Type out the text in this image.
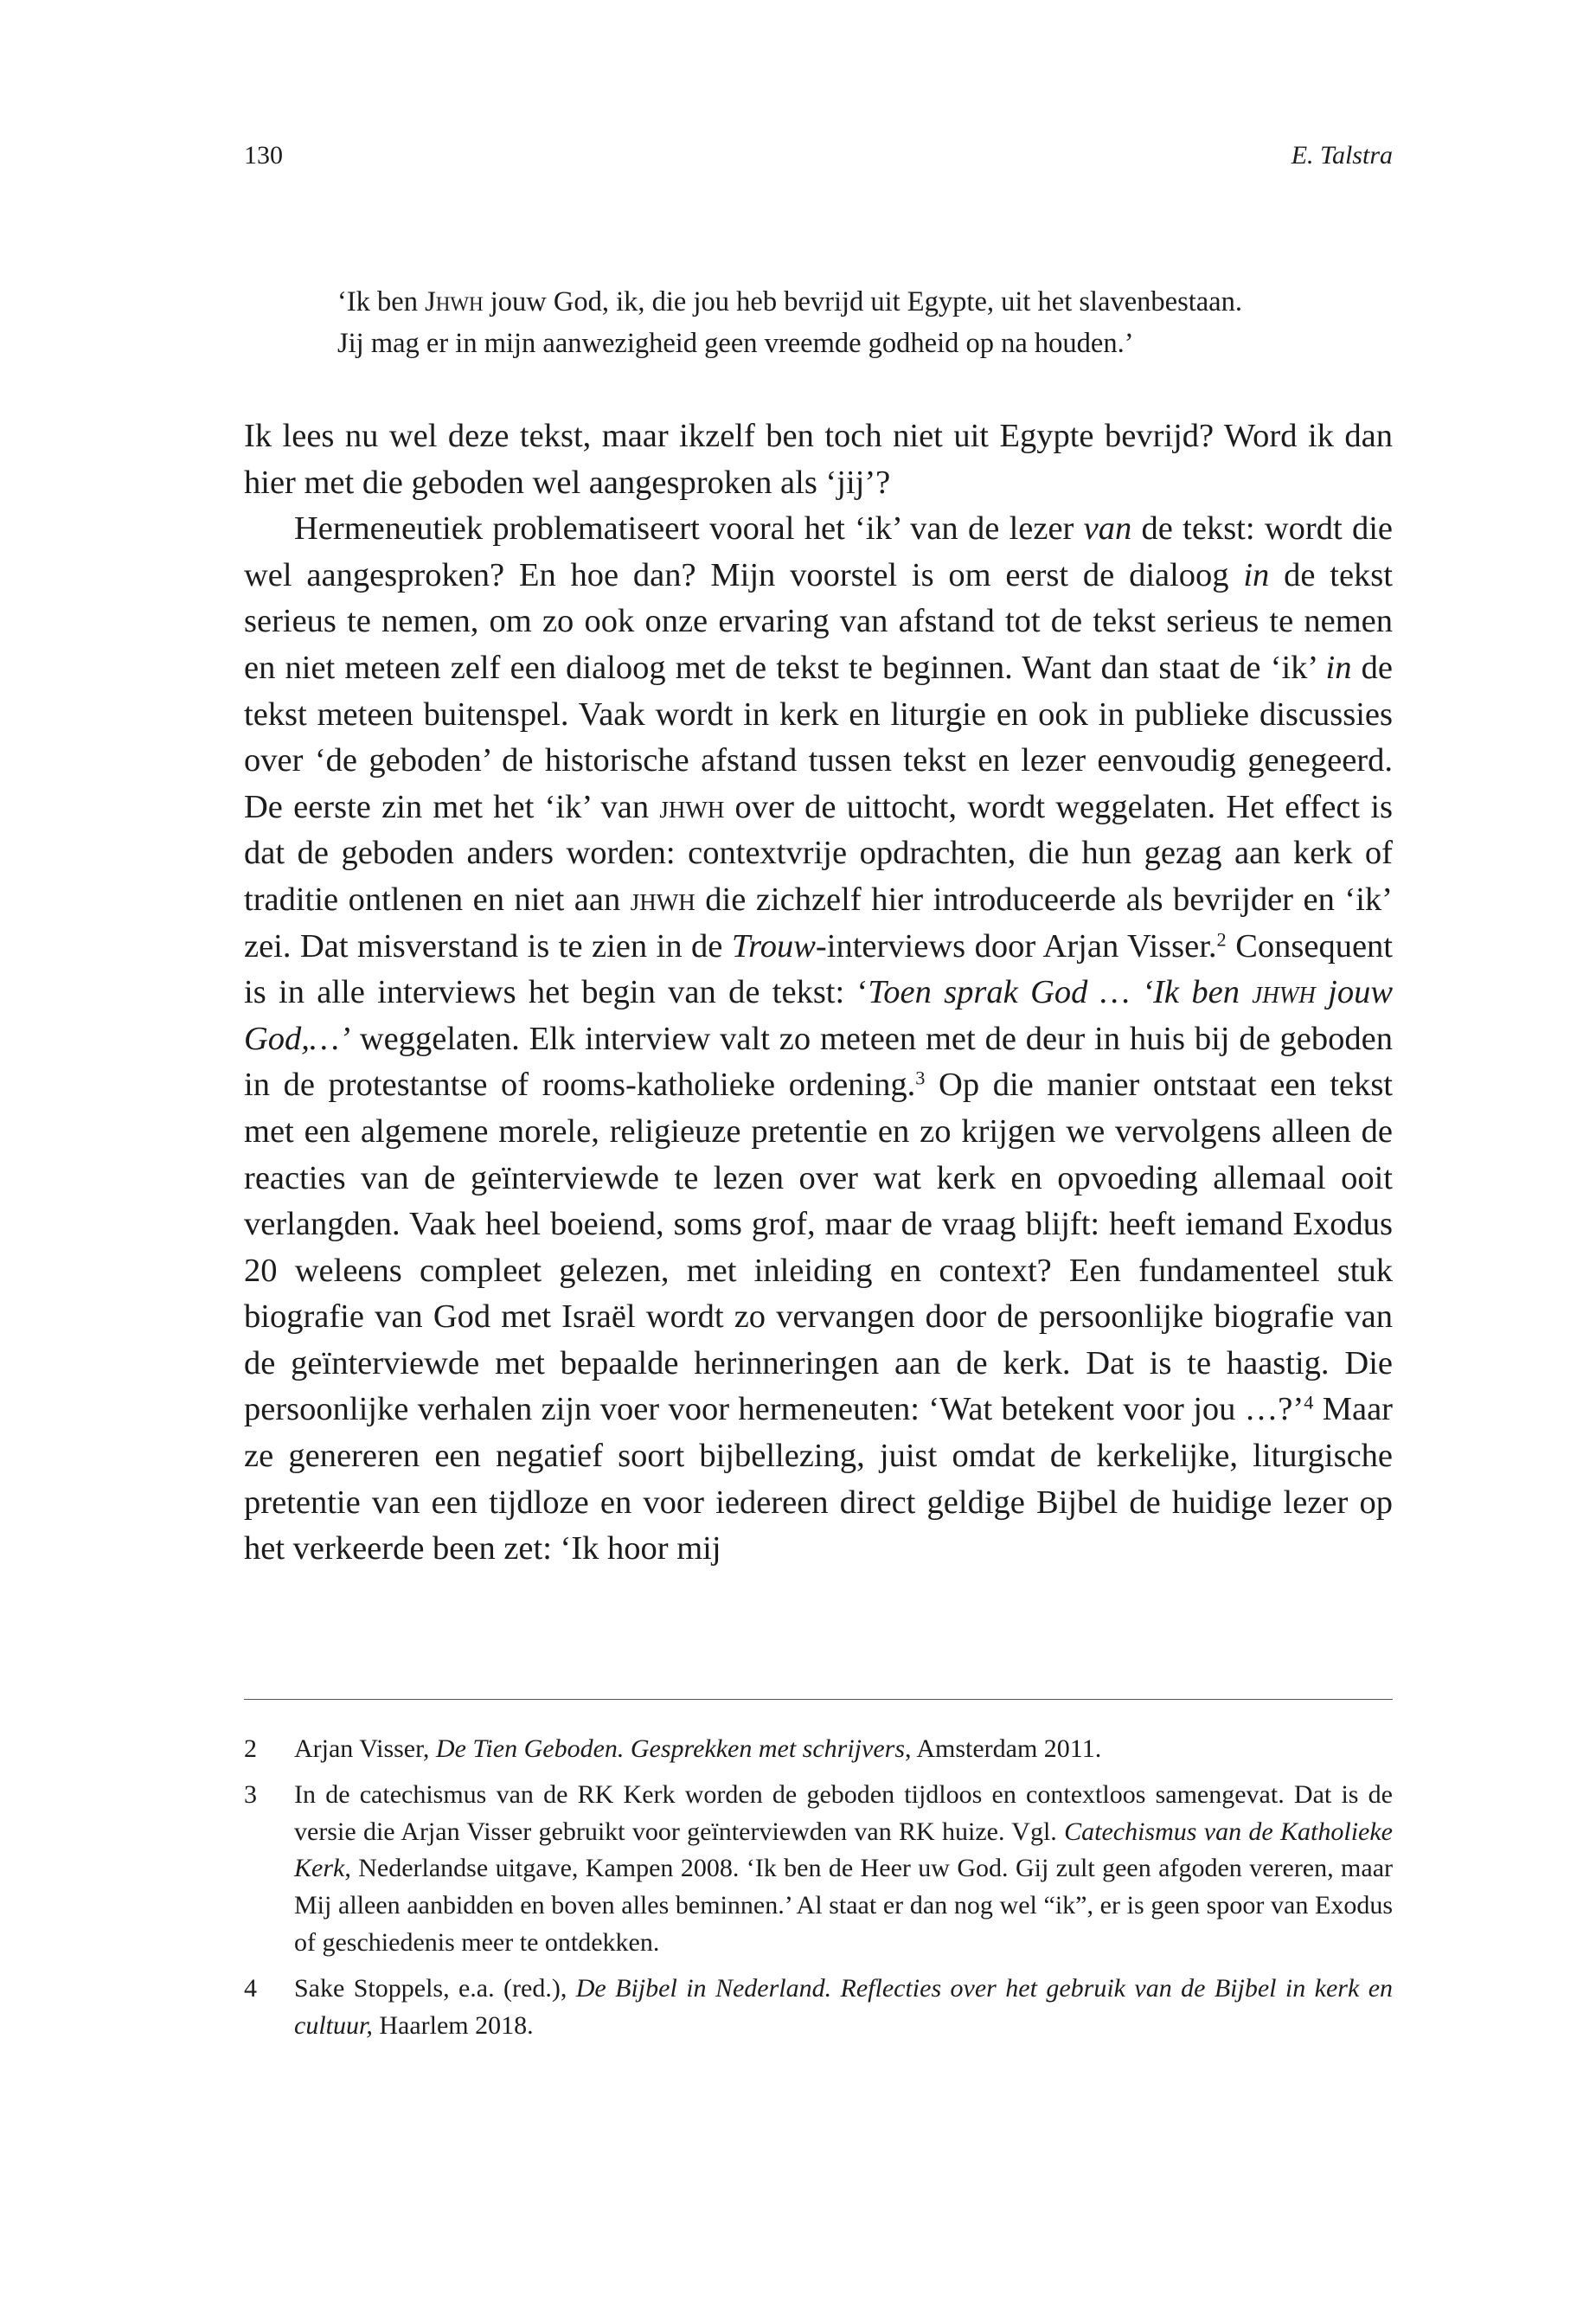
130	E. Talstra

‘Ik ben Jhwh jouw God, ik, die jou heb bevrijd uit Egypte, uit het slavenbestaan.

Jij mag er in mijn aanwezigheid geen vreemde godheid op na houden.’

Ik lees nu wel deze tekst, maar ikzelf ben toch niet uit Egypte bevrijd? Word ik dan hier met die geboden wel aangesproken als ‘jij’?

Hermeneutiek problematiseert vooral het ‘ik’ van de lezer van de tekst: wordt die wel aangesproken? En hoe dan? Mijn voorstel is om eerst de dialoog in de tekst serieus te nemen, om zo ook onze ervaring van afstand tot de tekst serieus te nemen en niet meteen zelf een dialoog met de tekst te beginnen. Want dan staat de ‘ik’ in de tekst meteen buitenspel. Vaak wordt in kerk en liturgie en ook in publieke discussies over ‘de geboden’ de historische afstand tussen tekst en lezer eenvoudig genegeerd. De eerste zin met het ‘ik’ van jhwh over de uittocht, wordt weggelaten. Het effect is dat de geboden anders worden: contextvrije opdrachten, die hun gezag aan kerk of traditie ontlenen en niet aan jhwh die zichzelf hier introduceerde als bevrijder en ‘ik’ zei. Dat misverstand is te zien in de Trouw-interviews door Arjan Visser.$^2$ Consequent is in alle interviews het begin van de tekst: ‘Toen sprak God … ‘Ik ben jhwh jouw God,…’ weggelaten. Elk interview valt zo meteen met de deur in huis bij de geboden in de protestantse of rooms-katholieke ordening.$^3$ Op die manier ontstaat een tekst met een algemene morele, religieuze pretentie en zo krijgen we vervolgens alleen de reacties van de geïnterviewde te lezen over wat kerk en opvoeding allemaal ooit verlangden. Vaak heel boeiend, soms grof, maar de vraag blijft: heeft iemand Exodus 20 weleens compleet gelezen, met inleiding en context? Een fundamenteel stuk biografie van God met Israël wordt zo vervangen door de persoonlijke biografie van de geïnterviewde met bepaalde herinneringen aan de kerk. Dat is te haastig. Die persoonlijke verhalen zijn voer voor hermeneuten: ‘Wat betekent voor jou …?’$^4$ Maar ze genereren een negatief soort bijbellezing, juist omdat de kerkelijke, liturgische pretentie van een tijdloze en voor iedereen direct geldige Bijbel de huidige lezer op het verkeerde been zet: ‘Ik hoor mij

2 Arjan Visser, De Tien Geboden. Gesprekken met schrijvers, Amsterdam 2011.
3 In de catechismus van de RK Kerk worden de geboden tijdloos en contextloos samengevat. Dat is de versie die Arjan Visser gebruikt voor geïnterviewden van RK huize. Vgl. Catechismus van de Katholieke Kerk, Nederlandse uitgave, Kampen 2008. ‘Ik ben de Heer uw God. Gij zult geen afgoden vereren, maar Mij alleen aanbidden en boven alles beminnen.’ Al staat er dan nog wel “ik”, er is geen spoor van Exodus of geschiedenis meer te ontdekken.
4 Sake Stoppels, e.a. (red.), De Bijbel in Nederland. Reflecties over het gebruik van de Bijbel in kerk en cultuur, Haarlem 2018.
